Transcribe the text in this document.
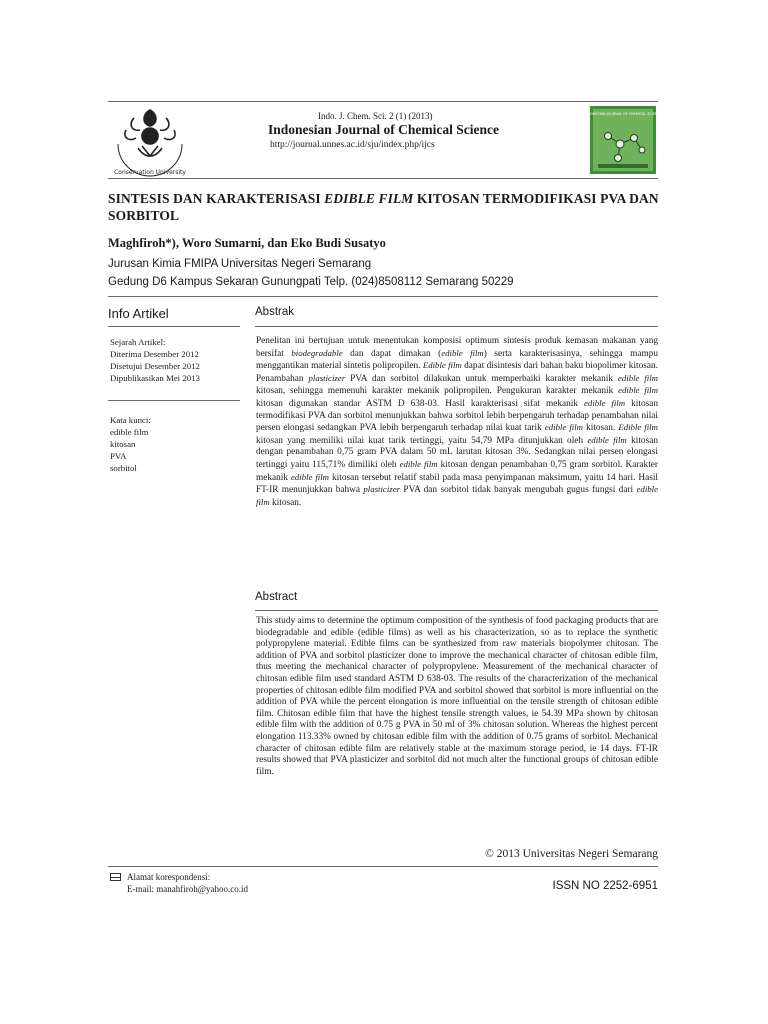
Conservation University
Indo. J. Chem. Sci. 2 (1) (2013)
Indonesian Journal of Chemical Science
http://journal.unnes.ac.id/sju/index.php/ijcs
INDONESIAN JOURNAL OF CHEMICAL SCIENCE
SINTESIS DAN KARAKTERISASI EDIBLE FILM KITOSAN TERMODIFIKASI PVA DAN SORBITOL
Maghfiroh*), Woro Sumarni, dan Eko Budi Susatyo
Jurusan Kimia FMIPA Universitas Negeri Semarang
Gedung D6 Kampus Sekaran Gunungpati Telp. (024)8508112 Semarang 50229
Info Artikel
Sejarah Artikel:
Diterima Desember 2012
Disetujui Desember 2012
Dipublikasikan Mei 2013
Kata kunci:
edible film
kitosan
PVA
sorbitol
Abstrak
Penelitan ini bertujuan untuk menentukan komposisi optimum sintesis produk kemasan makanan yang bersifat biodegradable dan dapat dimakan (edible film) serta karakterisasinya, sehingga mampu menggantikan material sintetis polipropilen. Edible film dapat disintesis dari bahan baku biopolimer kitosan. Penambahan plasticizer PVA dan sorbitol dilakukan untuk memperbaiki karakter mekanik edible film kitosan, sehingga memenuhi karakter mekanik polipropilen. Pengukuran karakter mekanik edible film kitosan digunakan standar ASTM D 638-03. Hasil karakterisasi sifat mekanik edible film kitosan termodifikasi PVA dan sorbitol menunjukkan bahwa sorbitol lebih berpengaruh terhadap penambahan nilai persen elongasi sedangkan PVA lebih berpengaruh terhadap nilai kuat tarik edible film kitosan. Edible film kitosan yang memiliki nilai kuat tarik tertinggi, yaitu 54,79 MPa ditunjukkan oleh edible film kitosan dengan penambahan 0,75 gram PVA dalam 50 mL larutan kitosan 3%. Sedangkan nilai persen elongasi tertinggi yaitu 115,71% dimiliki oleh edible film kitosan dengan penambahan 0,75 gram sorbitol. Karakter mekanik edible film kitosan tersebut relatif stabil pada masa penyimpanan maksimum, yaitu 14 hari. Hasil FT-IR menunjukkan bahwa plasticizer PVA dan sorbitol tidak banyak mengubah gugus fungsi dari edible film kitosan.
Abstract
This study aims to determine the optimum composition of the synthesis of food packaging products that are biodegradable and edible (edible films) as well as his characterization, so as to replace the synthetic polypropylene material. Edible films can be synthesized from raw materials biopolymer chitosan. The addition of PVA and sorbitol plasticizer done to improve the mechanical character of chitosan edible film, thus meeting the mechanical character of polypropylene. Measurement of the mechanical character of chitosan edible film used standard ASTM D 638-03. The results of the characterization of the mechanical properties of chitosan edible film modified PVA and sorbitol showed that sorbitol is more influential on the addition of PVA while the percent elongation is more influential on the tensile strength of chitosan edible film. Chitosan edible film that have the highest tensile strength values, ie 54.39 MPa shown by chitosan edible film with the addition of 0.75 g PVA in 50 ml of 3% chitosan solution. Whereas the highest percent elongation 113.33% owned by chitosan edible film with the addition of 0.75 grams of sorbitol. Mechanical character of chitosan edible film are relatively stable at the maximum storage period, ie 14 days. FT-IR results showed that PVA plasticizer and sorbitol did not much alter the functional groups of chitosan edible film.
© 2013 Universitas Negeri Semarang
Alamat korespondensi:
E-mail: manahfiroh@yahoo.co.id	ISSN NO 2252-6951
